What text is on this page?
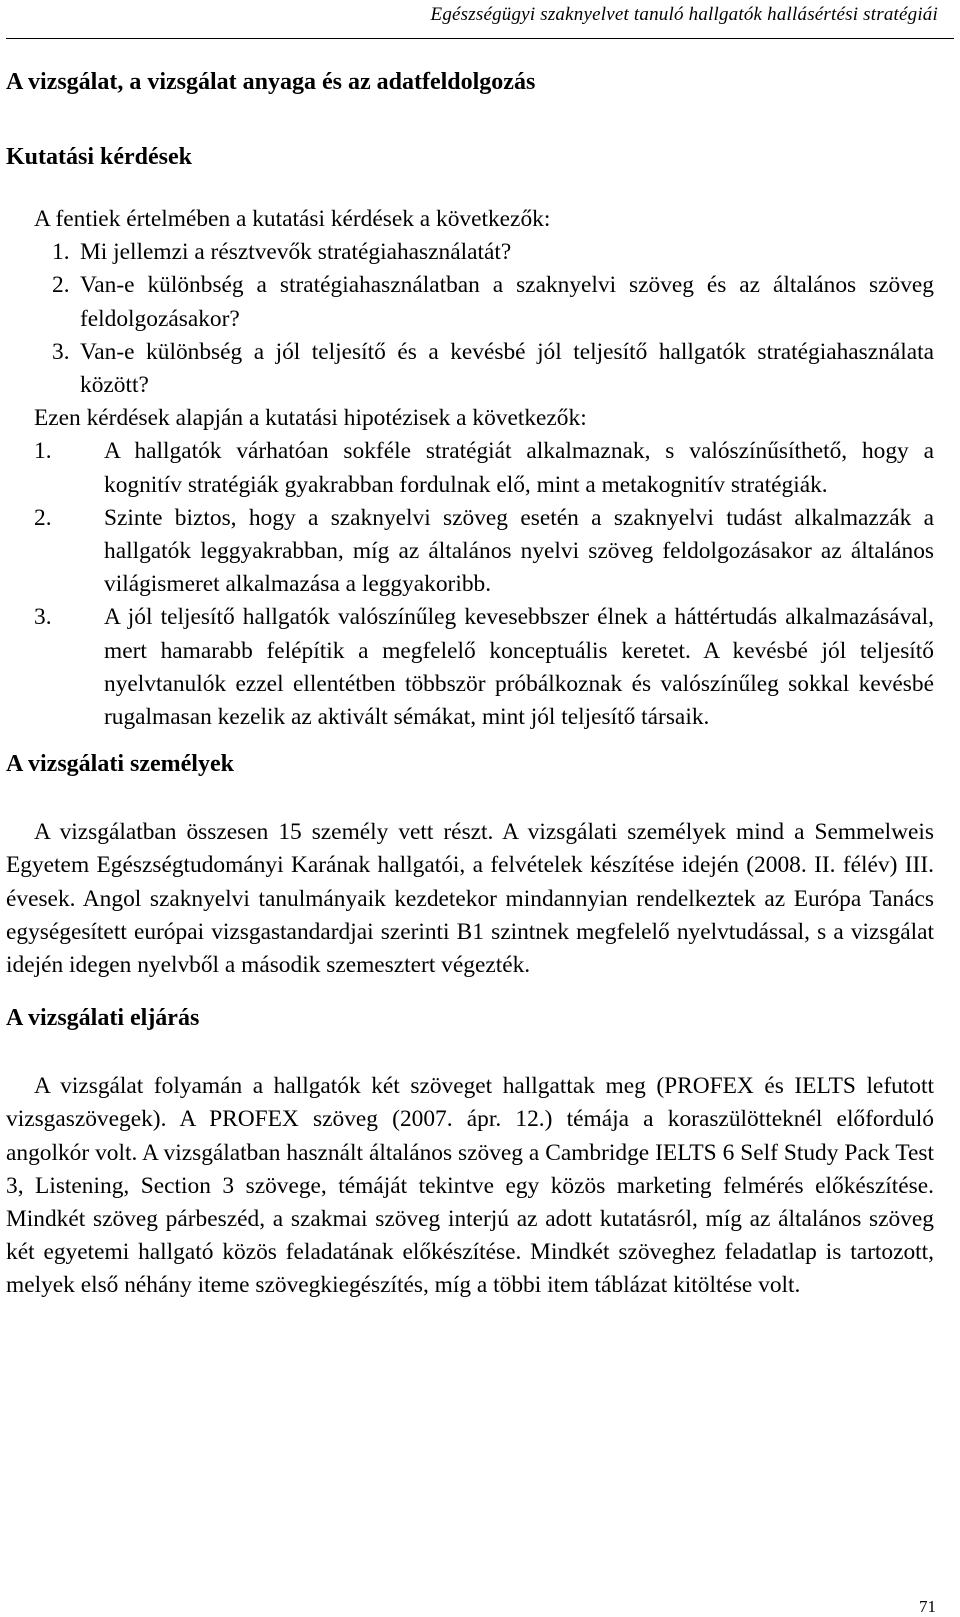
Egészségügyi szaknyelvet tanuló hallgatók hallásértési stratégiái
A vizsgálat, a vizsgálat anyaga és az adatfeldolgozás
Kutatási kérdések

A fentiek értelmében a kutatási kérdések a következők:

1. Mi jellemzi a résztvevők stratégiahasználatát?
2. Van-e különbség a stratégiahasználatban a szaknyelvi szöveg és az általános szöveg feldolgozásakor?
3. Van-e különbség a jól teljesítő és a kevésbé jól teljesítő hallgatók stratégiahasználata között?

Ezen kérdések alapján a kutatási hipotézisek a következők:

1. A hallgatók várhatóan sokféle stratégiát alkalmaznak, s valószínűsíthető, hogy a kognitív stratégiák gyakrabban fordulnak elő, mint a metakognitív stratégiák.
2. Szinte biztos, hogy a szaknyelvi szöveg esetén a szaknyelvi tudást alkalmazzák a hallgatók leggyakrabban, míg az általános nyelvi szöveg feldolgozásakor az általános világismeret alkalmazása a leggyakoribb.
3. A jól teljesítő hallgatók valószínűleg kevesebbszer élnek a háttértudás alkalmazásával, mert hamarabb felépítik a megfelelő konceptuális keretet. A kevésbé jól teljesítő nyelvtanulók ezzel ellentétben többször próbálkoznak és valószínűleg sokkal kevésbé rugalmasan kezelik az aktivált sémákat, mint jól teljesítő társaik.
A vizsgálati személyek

A vizsgálatban összesen 15 személy vett részt. A vizsgálati személyek mind a Semmelweis Egyetem Egészségtudományi Karának hallgatói, a felvételek készítése idején (2008. II. félév) III. évesek. Angol szaknyelvi tanulmányaik kezdetekor mindannyian rendelkeztek az Európa Tanács egységesített európai vizsgastandardjai szerinti B1 szintnek megfelelő nyelvtudással, s a vizsgálat idején idegen nyelvből a második szemesztert végezték.

A vizsgálati eljárás

A vizsgálat folyamán a hallgatók két szöveget hallgattak meg (PROFEX és IELTS lefutott vizsgaszövegek). A PROFEX szöveg (2007. ápr. 12.) témája a koraszülötteknél előforduló angolkór volt. A vizsgálatban használt általános szöveg a Cambridge IELTS 6 Self Study Pack Test 3, Listening, Section 3 szövege, témáját tekintve egy közös marketing felmérés előkészítése. Mindkét szöveg párbeszéd, a szakmai szöveg interjú az adott kutatásról, míg az általános szöveg két egyetemi hallgató közös feladatának előkészítése. Mindkét szöveghez feladatlap is tartozott, melyek első néhány iteme szövegkiegészítés, míg a többi item táblázat kitöltése volt.

71
